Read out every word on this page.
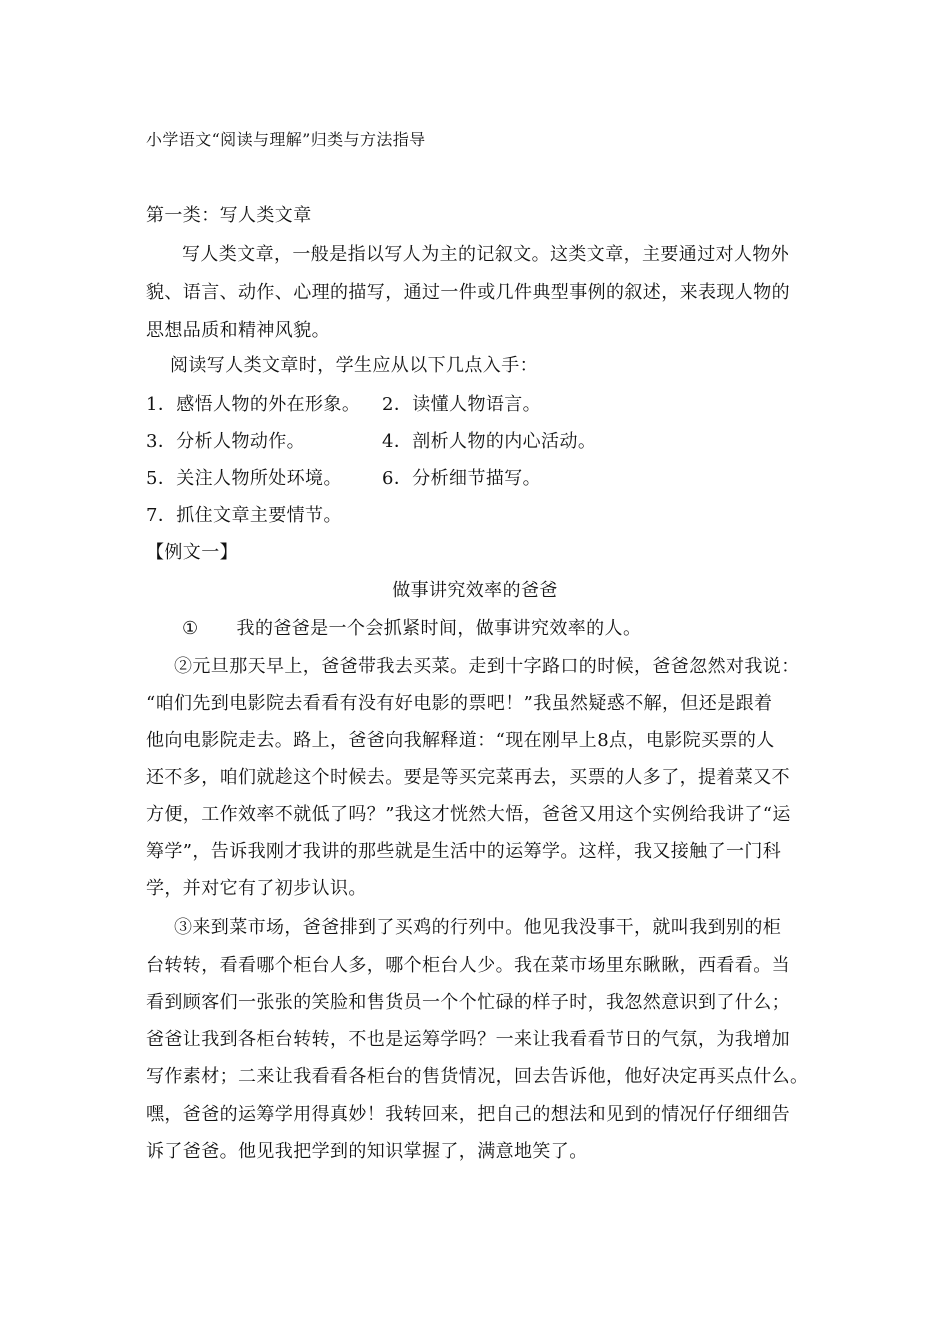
小学语文“阅读与理解”归类与方法指导
第一类：写人类文章
写人类文章，一般是指以写人为主的记叙文。这类文章，主要通过对人物外
貌、语言、动作、心理的描写，通过一件或几件典型事例的叙述，来表现人物的
思想品质和精神风貌。
阅读写人类文章时，学生应从以下几点入手：
1．感悟人物的外在形象。 2．读懂人物语言。
3．分析人物动作。	4．剖析人物的内心活动。
5．关注人物所处环境。 6．分析细节描写。
7．抓住文章主要情节。
【例文一】
做事讲究效率的爸爸
① 我的爸爸是一个会抓紧时间，做事讲究效率的人。
②元旦那天早上，爸爸带我去买菜。走到十字路口的时候，爸爸忽然对我说：
“咱们先到电影院去看看有没有好电影的票吧！”我虽然疑惑不解，但还是跟着
他向电影院走去。路上，爸爸向我解释道：“现在刚早上8点，电影院买票的人
还不多，咱们就趁这个时候去。要是等买完菜再去，买票的人多了，提着菜又不
方便，工作效率不就低了吗？”我这才恍然大悟，爸爸又用这个实例给我讲了“运
筹学”，告诉我刚才我讲的那些就是生活中的运筹学。这样，我又接触了一门科
学，并对它有了初步认识。
③来到菜市场，爸爸排到了买鸡的行列中。他见我没事干，就叫我到别的柜
台转转，看看哪个柜台人多，哪个柜台人少。我在菜市场里东瞅瞅，西看看。当
看到顾客们一张张的笑脸和售货员一个个忙碌的样子时，我忽然意识到了什么；
爸爸让我到各柜台转转，不也是运筹学吗？一来让我看看节日的气氛，为我增加
写作素材；二来让我看看各柜台的售货情况，回去告诉他，他好决定再买点什么。
嘿，爸爸的运筹学用得真妙！我转回来，把自己的想法和见到的情况仔仔细细告
诉了爸爸。他见我把学到的知识掌握了，满意地笑了。
